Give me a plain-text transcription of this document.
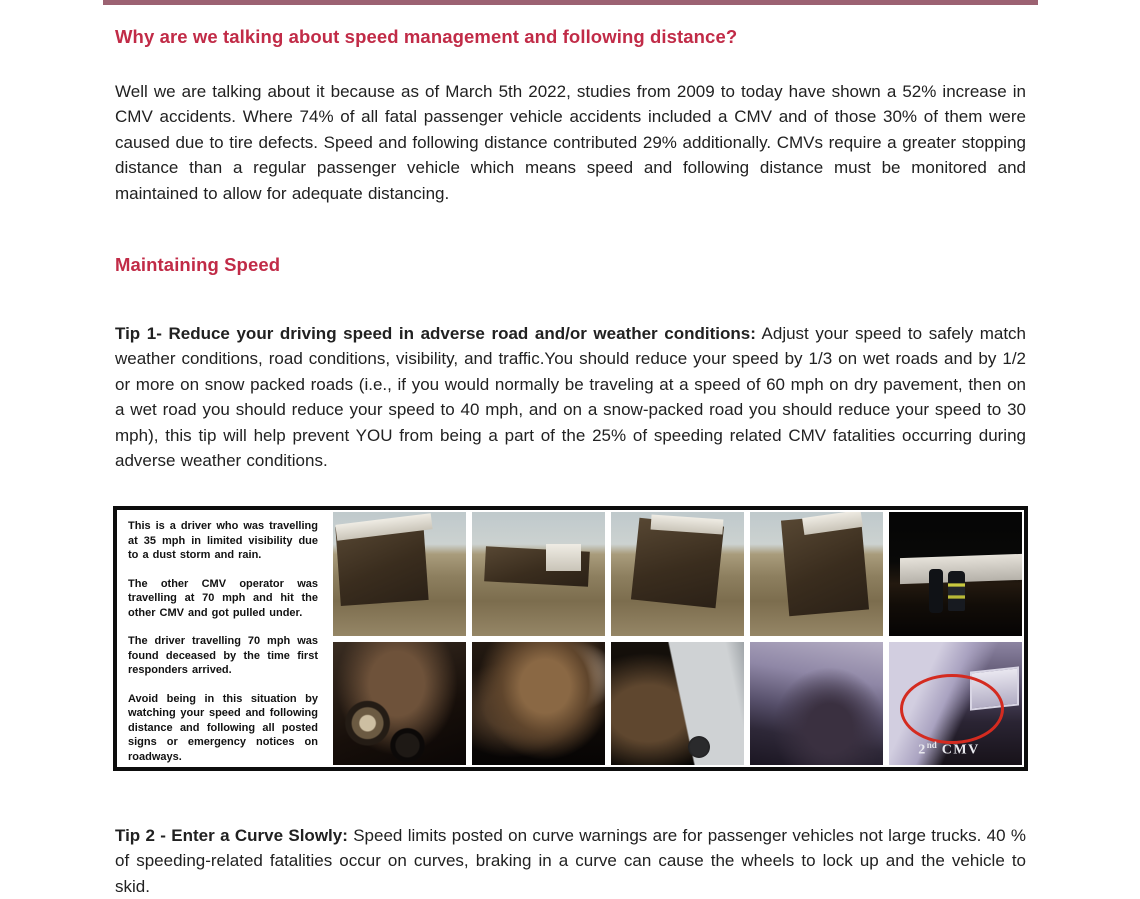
Why are we talking about speed management and following distance?

Well we are talking about it because as of March 5th 2022, studies from 2009 to today have shown a 52% increase in CMV accidents. Where 74% of all fatal passenger vehicle accidents included a CMV and of those 30% of them were caused due to tire defects. Speed and following distance contributed 29% additionally. CMVs require a greater stopping distance than a regular passenger vehicle which means speed and following distance must be monitored and maintained to allow for adequate distancing.

Maintaining Speed

Tip 1- Reduce your driving speed in adverse road and/or weather conditions: Adjust your speed to safely match weather conditions, road conditions, visibility, and traffic.You should reduce your speed by 1/3 on wet roads and by 1/2 or more on snow packed roads (i.e., if you would normally be traveling at a speed of 60 mph on dry pavement, then on a wet road you should reduce your speed to 40 mph, and on a snow-packed road you should reduce your speed to 30 mph), this tip will help prevent YOU from being a part of the 25% of speeding related CMV fatalities occurring during adverse weather conditions.

This is a driver who was travelling at 35 mph in limited visibility due to a dust storm and rain.

The other CMV operator was travelling at 70 mph and hit the other CMV and got pulled under.

The driver travelling 70 mph was found deceased by the time first responders arrived.

Avoid being in this situation by watching your speed and following distance and following all posted signs or emergency notices on roadways.	2nd CMV

Tip 2 - Enter a Curve Slowly: Speed limits posted on curve warnings are for passenger vehicles not large trucks. 40 % of speeding-related fatalities occur on curves, braking in a curve can cause the wheels to lock up and the vehicle to skid.
